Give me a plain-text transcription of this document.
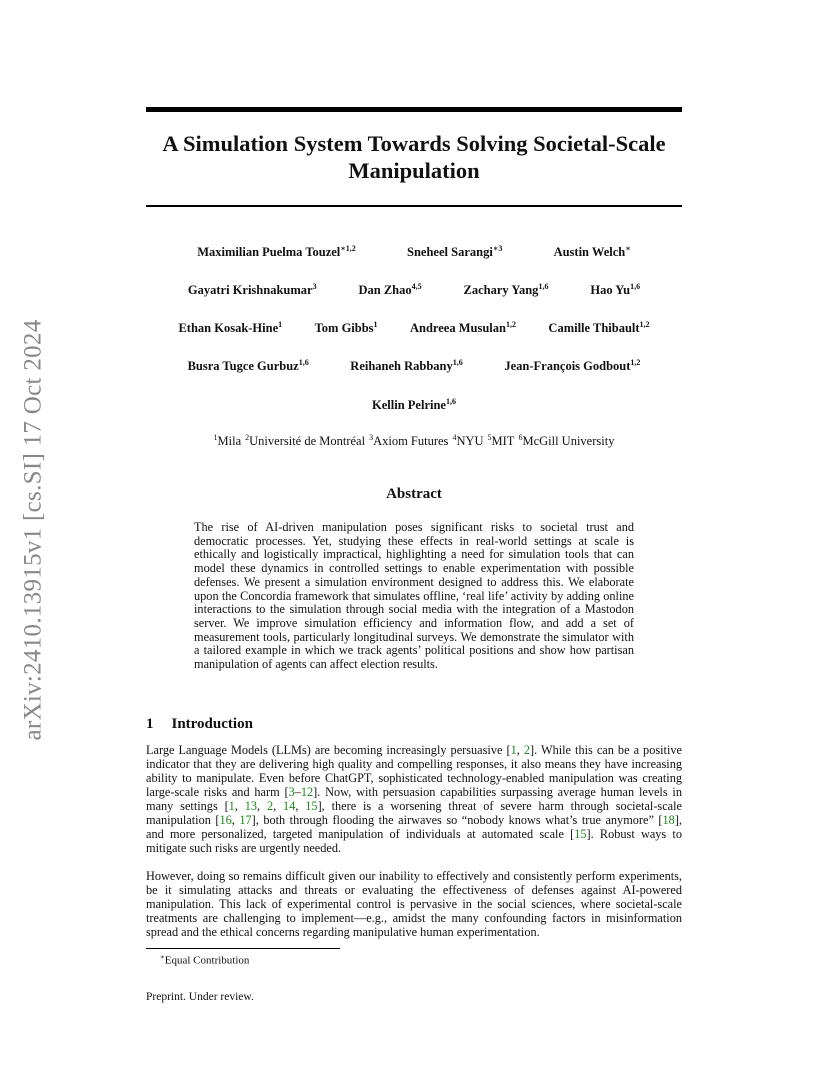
arXiv:2410.13915v1 [cs.SI] 17 Oct 2024
A Simulation System Towards Solving Societal-Scale Manipulation
Maximilian Puelma Touzel$^{∗1,2}$	Sneheel Sarangi$^{∗3}$	Austin Welch∗
Gayatri Krishnakumar$^3$	Dan Zhao$^{4,5}$	Zachary Yang$^{1,6}$	Hao Yu$^{1,6}$
Ethan Kosak-Hine$^1$	Tom Gibbs$^1$	Andreea Musulan$^{1,2}$	Camille Thibault$^{1,2}$
Busra Tugce Gurbuz$^{1,6}$	Reihaneh Rabbany$^{1,6}$	Jean-François Godbout$^{1,2}$
Kellin Pelrine$^{1,6}$
$^1$Mila $^2$Université de Montréal $^3$Axiom Futures $^4$NYU $^5$MIT $^6$McGill University
Abstract
The rise of AI-driven manipulation poses significant risks to societal trust and democratic processes. Yet, studying these effects in real-world settings at scale is ethically and logistically impractical, highlighting a need for simulation tools that can model these dynamics in controlled settings to enable experimentation with possible defenses. We present a simulation environment designed to address this. We elaborate upon the Concordia framework that simulates offline, ‘real life’ activity by adding online interactions to the simulation through social media with the integration of a Mastodon server. We improve simulation efficiency and information flow, and add a set of measurement tools, particularly longitudinal surveys. We demonstrate the simulator with a tailored example in which we track agents’ political positions and show how partisan manipulation of agents can affect election results.
1 Introduction
Large Language Models (LLMs) are becoming increasingly persuasive [1, 2]. While this can be a positive indicator that they are delivering high quality and compelling responses, it also means they have increasing ability to manipulate. Even before ChatGPT, sophisticated technology-enabled manipulation was creating large-scale risks and harm [3–12]. Now, with persuasion capabilities surpassing average human levels in many settings [1, 13, 2, 14, 15], there is a worsening threat of severe harm through societal-scale manipulation [16, 17], both through flooding the airwaves so “nobody knows what’s true anymore” [18], and more personalized, targeted manipulation of individuals at automated scale [15]. Robust ways to mitigate such risks are urgently needed.
However, doing so remains difficult given our inability to effectively and consistently perform experiments, be it simulating attacks and threats or evaluating the effectiveness of defenses against AI-powered manipulation. This lack of experimental control is pervasive in the social sciences, where societal-scale treatments are challenging to implement—e.g., amidst the many confounding factors in misinformation spread and the ethical concerns regarding manipulative human experimentation.
∗Equal Contribution
Preprint. Under review.
